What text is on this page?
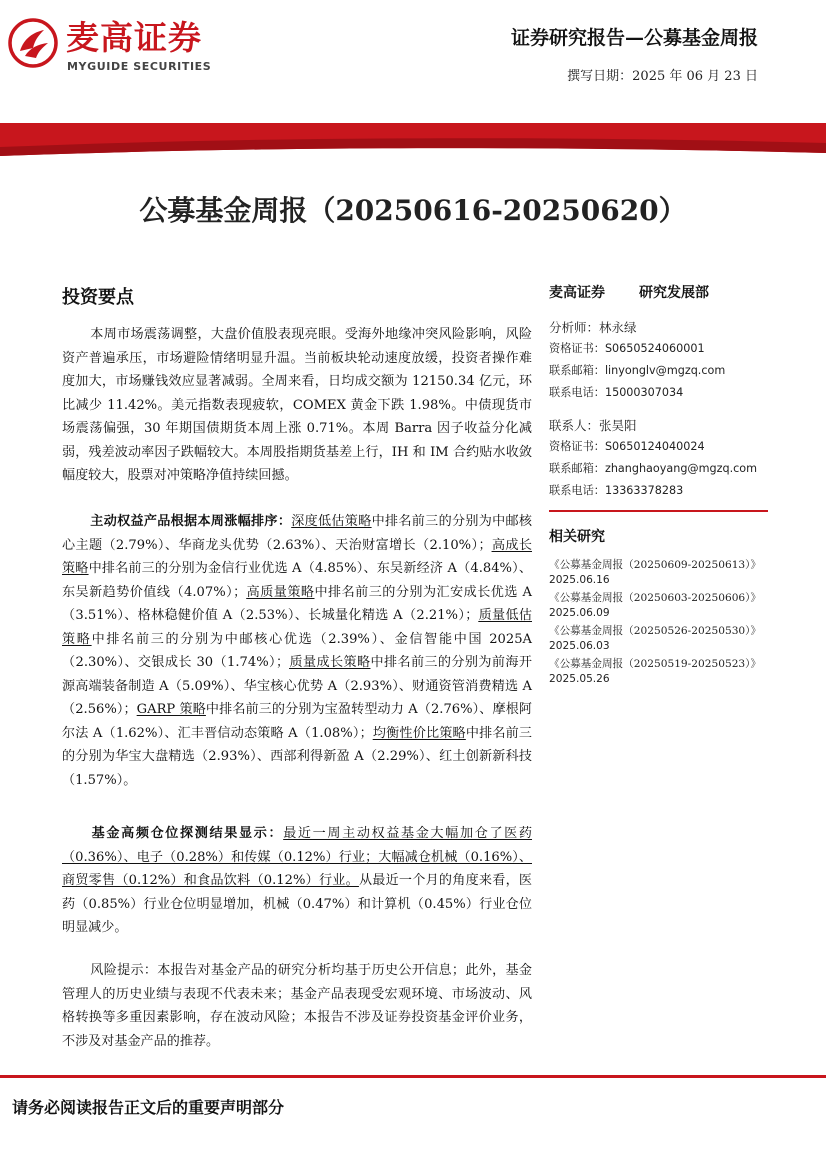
麦高证券
MYGUIDE SECURITIES
证券研究报告—公募基金周报
撰写日期：2025 年 06 月 23 日
公募基金周报（20250616-20250620）
投资要点

本周市场震荡调整，大盘价值股表现亮眼。受海外地缘冲突风险影响，风险资产普遍承压，市场避险情绪明显升温。当前板块轮动速度放缓，投资者操作难度加大，市场赚钱效应显著减弱。全周来看，日均成交额为 12150.34 亿元，环比减少 11.42%。美元指数表现疲软，COMEX 黄金下跌 1.98%。中债现货市场震荡偏强，30 年期国债期货本周上涨 0.71%。本周 Barra 因子收益分化减弱，残差波动率因子跌幅较大。本周股指期货基差上行，IH 和 IM 合约贴水收敛幅度较大，股票对冲策略净值持续回撼。

主动权益产品根据本周涨幅排序：深度低估策略中排名前三的分别为中邮核心主题（2.79%）、华商龙头优势（2.63%）、天治财富增长（2.10%）；高成长策略中排名前三的分别为金信行业优选 A（4.85%）、东吴新经济 A（4.84%）、东吴新趋势价值线（4.07%）；高质量策略中排名前三的分别为汇安成长优选 A（3.51%）、格林稳健价值 A（2.53%）、长城量化精选 A（2.21%）；质量低估策略中排名前三的分别为中邮核心优选（2.39%）、金信智能中国 2025A（2.30%）、交银成长 30（1.74%）；质量成长策略中排名前三的分别为前海开源高端装备制造 A（5.09%）、华宝核心优势 A（2.93%）、财通资管消费精选 A（2.56%）；GARP 策略中排名前三的分别为宝盈转型动力 A（2.76%）、摩根阿尔法 A（1.62%）、汇丰晋信动态策略 A（1.08%）；均衡性价比策略中排名前三的分别为华宝大盘精选（2.93%）、西部利得新盈 A（2.29%）、红土创新新科技（1.57%）。

基金高频仓位探测结果显示：最近一周主动权益基金大幅加仓了医药（0.36%）、电子（0.28%）和传媒（0.12%）行业；大幅减仓机械（0.16%）、商贸零售（0.12%）和食品饮料（0.12%）行业。从最近一个月的角度来看，医药（0.85%）行业仓位明显增加，机械（0.47%）和计算机（0.45%）行业仓位明显减少。

风险提示：本报告对基金产品的研究分析均基于历史公开信息；此外，基金管理人的历史业绩与表现不代表未来；基金产品表现受宏观环境、市场波动、风格转换等多重因素影响，存在波动风险；本报告不涉及证券投资基金评价业务，不涉及对基金产品的推荐。

麦高证券 研究发展部
分析师：林永绿
资格证书：S0650524060001
联系邮箱：linyonglv@mgzq.com
联系电话：15000307034
联系人：张昊阳
资格证书：S0650124040024
联系邮箱：zhanghaoyang@mgzq.com
联系电话：13363378283
相关研究
《公募基金周报（20250609-20250613）》
2025.06.16
《公募基金周报（20250603-20250606）》
2025.06.09
《公募基金周报（20250526-20250530）》
2025.06.03
《公募基金周报（20250519-20250523）》
2025.05.26
请务必阅读报告正文后的重要声明部分
